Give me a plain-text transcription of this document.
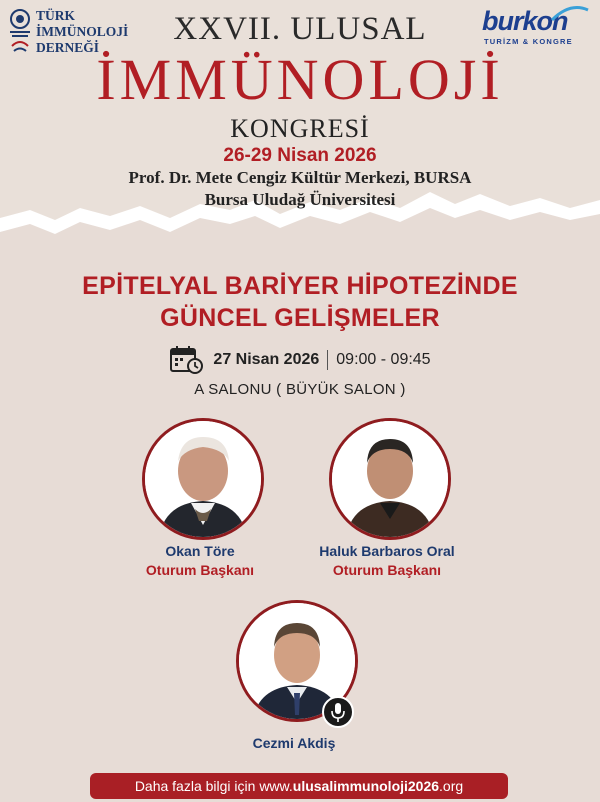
TÜRK
İMMÜNOLOJİ
DERNEĞİ
burkon
TURİZM & KONGRE
XXVII. ULUSAL
İMMÜNOLOJİ
KONGRESİ
26-29 Nisan 2026
Prof. Dr. Mete Cengiz Kültür Merkezi, BURSA
Bursa Uludağ Üniversitesi
EPİTELYAL BARİYER HİPOTEZİNDE
GÜNCEL GELİŞMELER
27 Nisan 2026 09:00 - 09:45
A SALONU ( BÜYÜK SALON )
Okan Töre
Oturum Başkanı
Haluk Barbaros Oral
Oturum Başkanı
Cezmi Akdiş
Daha fazla bilgi için www. ulusalimmunoloji2026 .org
